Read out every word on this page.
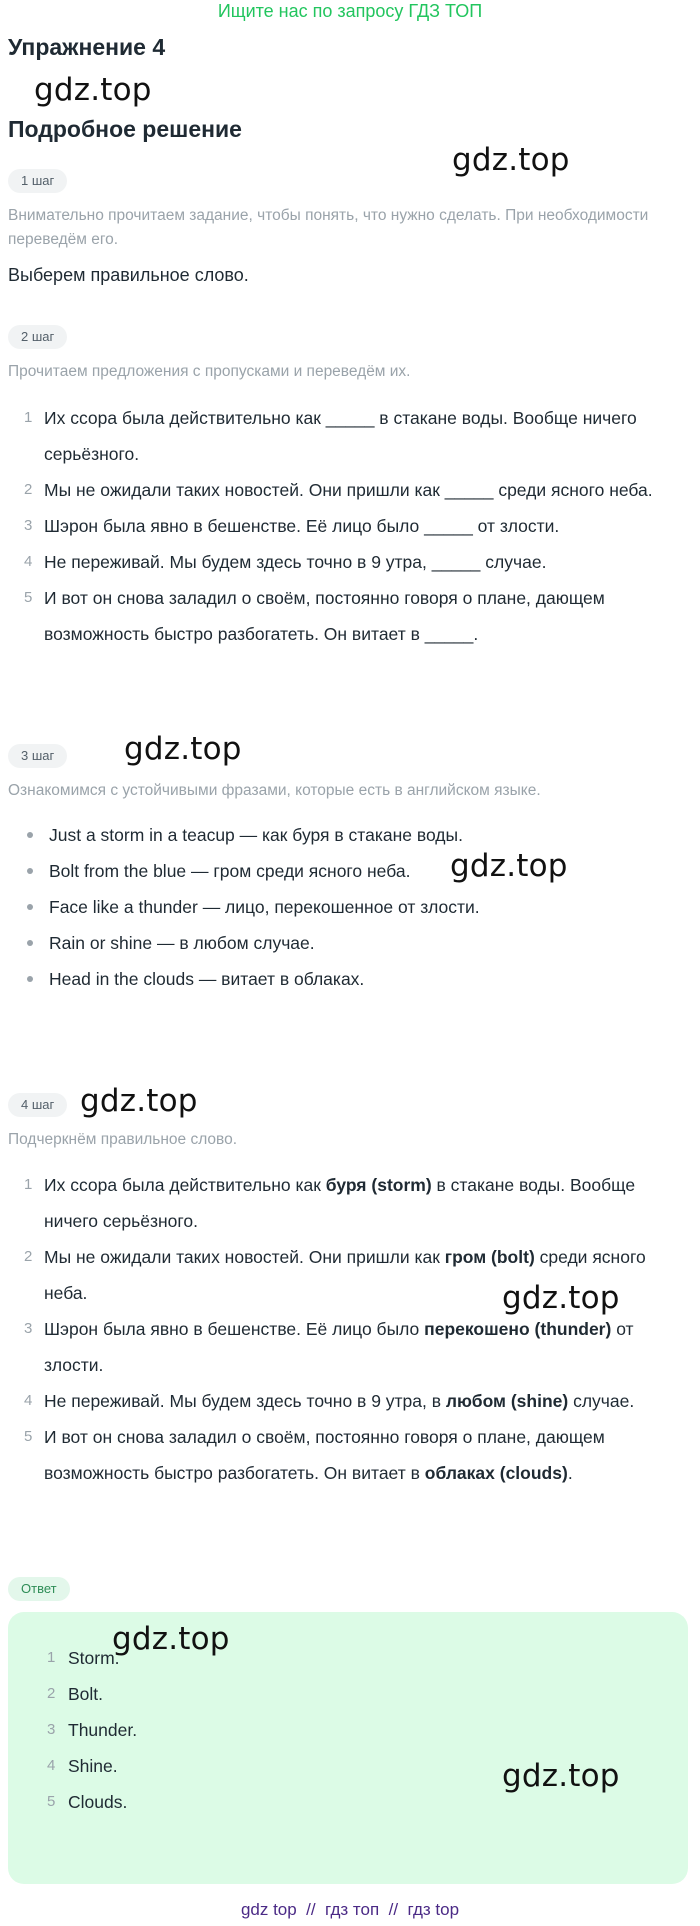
Ищите нас по запросу ГДЗ ТОП
Упражнение 4
gdz.top
Подробное решение
gdz.top
1 шаг
Внимательно прочитаем задание, чтобы понять, что нужно сделать. При необходимости переведём его.
Выберем правильное слово.
2 шаг
Прочитаем предложения с пропусками и переведём их.
1 Их ссора была действительно как _____ в стакане воды. Вообще ничего серьёзного.
2 Мы не ожидали таких новостей. Они пришли как _____ среди ясного неба.
3 Шэрон была явно в бешенстве. Её лицо было _____ от злости.
4 Не переживай. Мы будем здесь точно в 9 утра, _____ случае.
5 И вот он снова заладил о своём, постоянно говоря о плане, дающем возможность быстро разбогатеть. Он витает в _____.
3 шаг	gdz.top
Ознакомимся с устойчивыми фразами, которые есть в английском языке.
Just a storm in a teacup — как буря в стакане воды.
Bolt from the blue — гром среди ясного неба.
Face like a thunder — лицо, перекошенное от злости.
Rain or shine — в любом случае.
Head in the clouds — витает в облаках.
gdz.top
4 шаг gdz.top
Подчеркнём правильное слово.
1 Их ссора была действительно как буря (storm) в стакане воды. Вообще ничего серьёзного.
2 Мы не ожидали таких новостей. Они пришли как гром (bolt) среди ясного неба.
3 Шэрон была явно в бешенстве. Её лицо было перекошено (thunder) от злости.
4 Не переживай. Мы будем здесь точно в 9 утра, в любом (shine) случае.
5 И вот он снова заладил о своём, постоянно говоря о плане, дающем возможность быстро разбогатеть. Он витает в облаках (clouds).
gdz.top
Ответ
1 Storm.
2 Bolt.
3 Thunder.
4 Shine.
5 Clouds.
gdz.top
gdz.top
gdz top  //  гдз топ  //  гдз top
